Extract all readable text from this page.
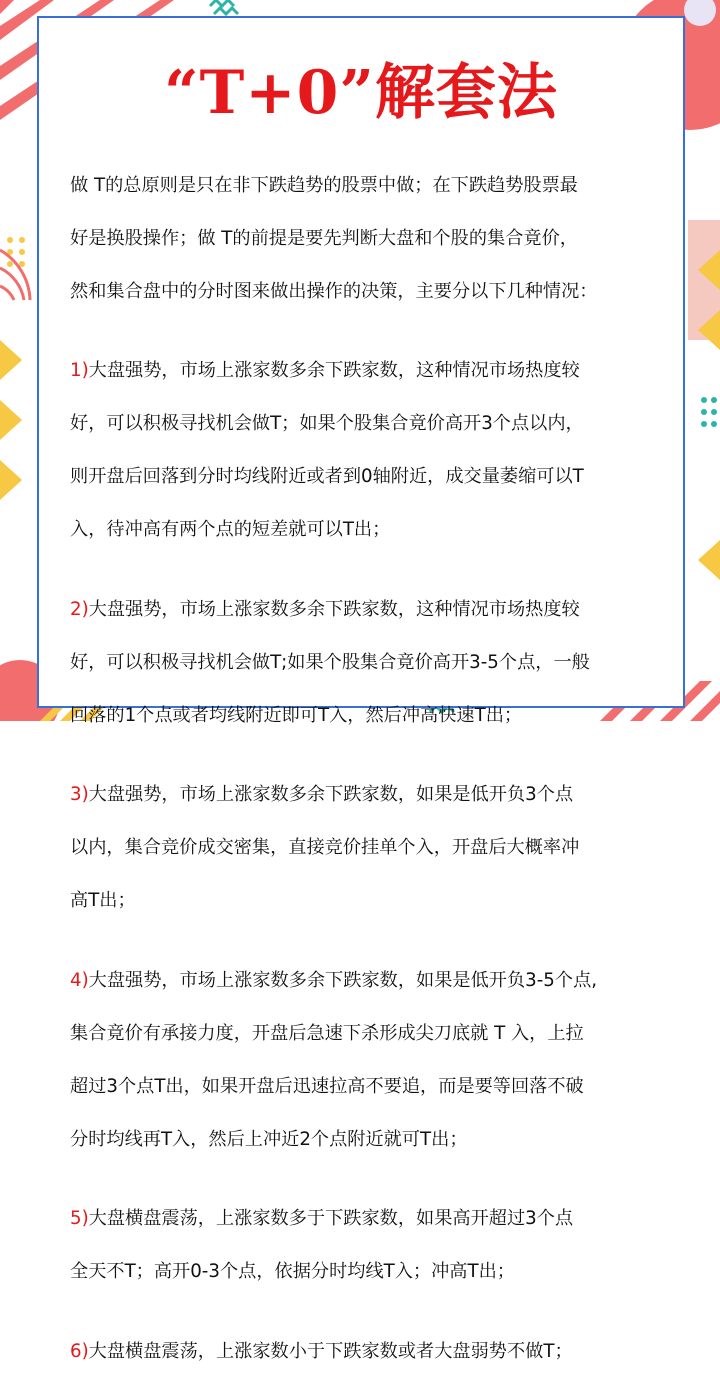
“T+0”解套法

做 T的总原则是只在非下跌趋势的股票中做；在下跌趋势股票最

好是换股操作；做 T的前提是要先判断大盘和个股的集合竟价，

然和集合盘中的分时图来做出操作的决策，主要分以下几种情况：

1)大盘强势，市场上涨家数多余下跌家数，这种情况市场热度较

好，可以积极寻找机会做T；如果个股集合竟价高开3个点以内，

则开盘后回落到分时均线附近或者到0轴附近，成交量萎缩可以T

入，待冲高有两个点的短差就可以T出；

2)大盘强势，市场上涨家数多余下跌家数，这种情况市场热度较

好，可以积极寻找机会做T;如果个股集合竟价高开3-5个点，一般

回落的1个点或者均线附近即可T入，然后冲高快速T出；

3)大盘强势，市场上涨家数多余下跌家数，如果是低开负3个点

以内，集合竞价成交密集，直接竞价挂单个入，开盘后大概率冲

高T出；

4)大盘强势，市场上涨家数多余下跌家数，如果是低开负3-5个点,

集合竟价有承接力度，开盘后急速下杀形成尖刀底就 T 入，上拉

超过3个点T出，如果开盘后迅速拉高不要追，而是要等回落不破

分时均线再T入，然后上冲近2个点附近就可T出；

5)大盘横盘震荡，上涨家数多于下跌家数，如果高开超过3个点

全天不T；高开0-3个点，依据分时均线T入；冲高T出；

6)大盘横盘震荡，上涨家数小于下跌家数或者大盘弱势不做T；
